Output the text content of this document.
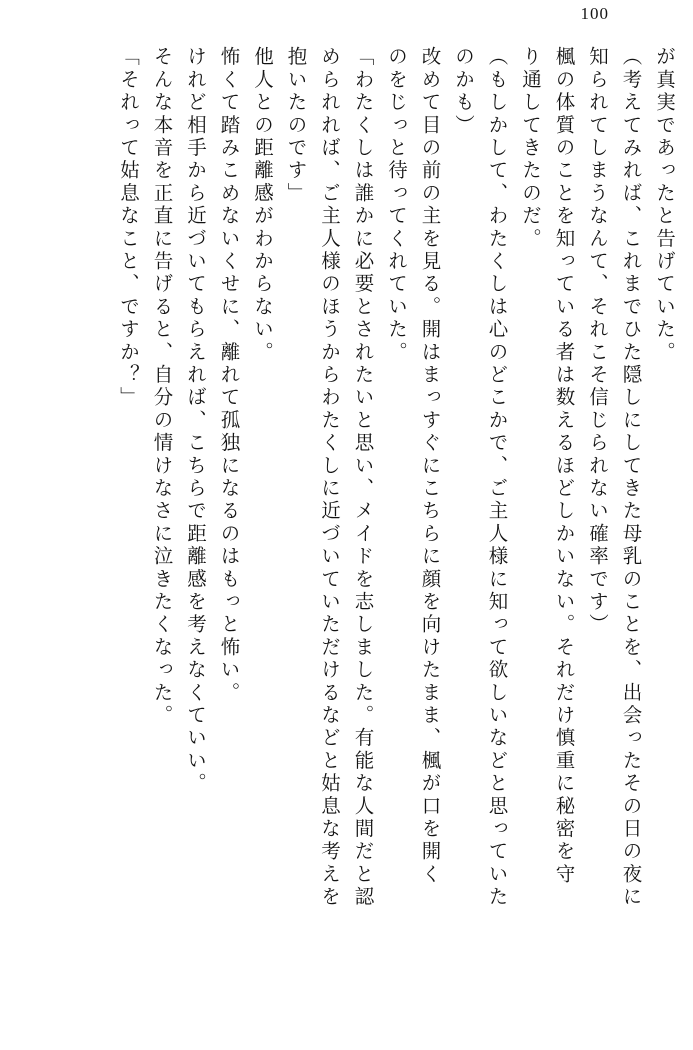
100
が真実であったと告げていた。
（考えてみれば、これまでひた隠しにしてきた母乳のことを、出会ったその日の夜に
知られてしまうなんて、それこそ信じられない確率です）
楓の体質のことを知っている者は数えるほどしかいない。それだけ慎重に秘密を守
り通してきたのだ。
（もしかして、わたくしは心のどこかで、ご主人様に知って欲しいなどと思っていた
のかも）
改めて目の前の主を見る。開はまっすぐにこちらに顔を向けたまま、楓が口を開く
のをじっと待ってくれていた。
「わたくしは誰かに必要とされたいと思い、メイドを志しました。有能な人間だと認
められれば、ご主人様のほうからわたくしに近づいていただけるなどと姑息な考えを
抱いたのです」
他人との距離感がわからない。
怖くて踏みこめないくせに、離れて孤独になるのはもっと怖い。
けれど相手から近づいてもらえれば、こちらで距離感を考えなくていい。
そんな本音を正直に告げると、自分の情けなさに泣きたくなった。
「それって姑息なこと、ですか？」
